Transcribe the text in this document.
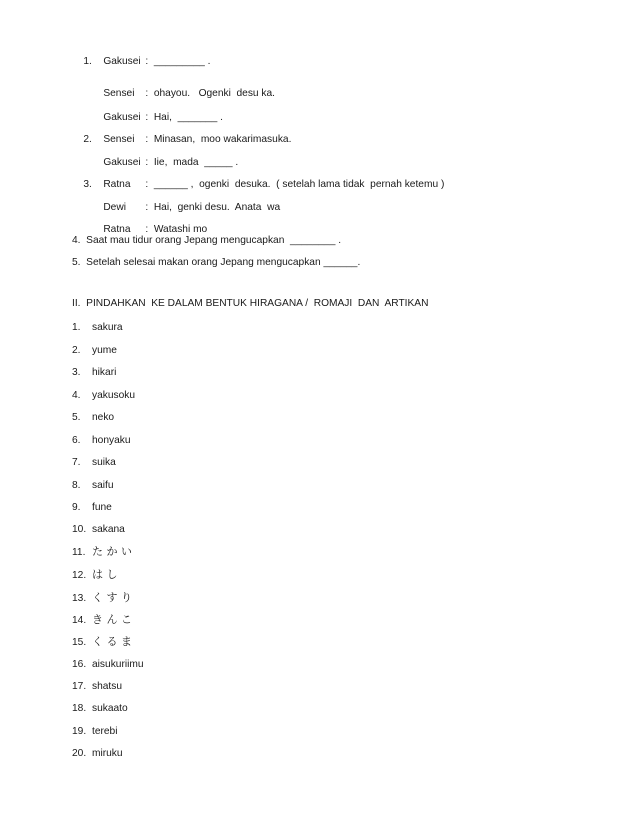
1. Gakusei :  _________ .

Sensei :  ohayou.   Ogenki  desu ka.

Gakusei :  Hai,  _______ .

2. Sensei :  Minasan,  moo wakarimasuka.

Gakusei :  Iie,  mada  _____ .

3. Ratna :  ______ ,  ogenki  desuka.  ( setelah lama tidak  pernah ketemu )

Dewi :  Hai,  genki desu.  Anata  wa

Ratna :  Watashi mo

4.  Saat mau tidur orang Jepang mengucapkan  ________ .
5.  Setelah selesai makan orang Jepang mengucapkan ______.
II.  PINDAHKAN  KE DALAM BENTUK HIRAGANA /  ROMAJI  DAN  ARTIKAN
1. sakura
2. yume
3. hikari
4. yakusoku
5. neko
6. honyaku
7. suika
8. saifu
9. fune
10. sakana
11. た か い
12. は し
13. く す り
14. き ん こ
15. く る ま
16. aisukuriimu
17. shatsu
18. sukaato
19. terebi
20. miruku
